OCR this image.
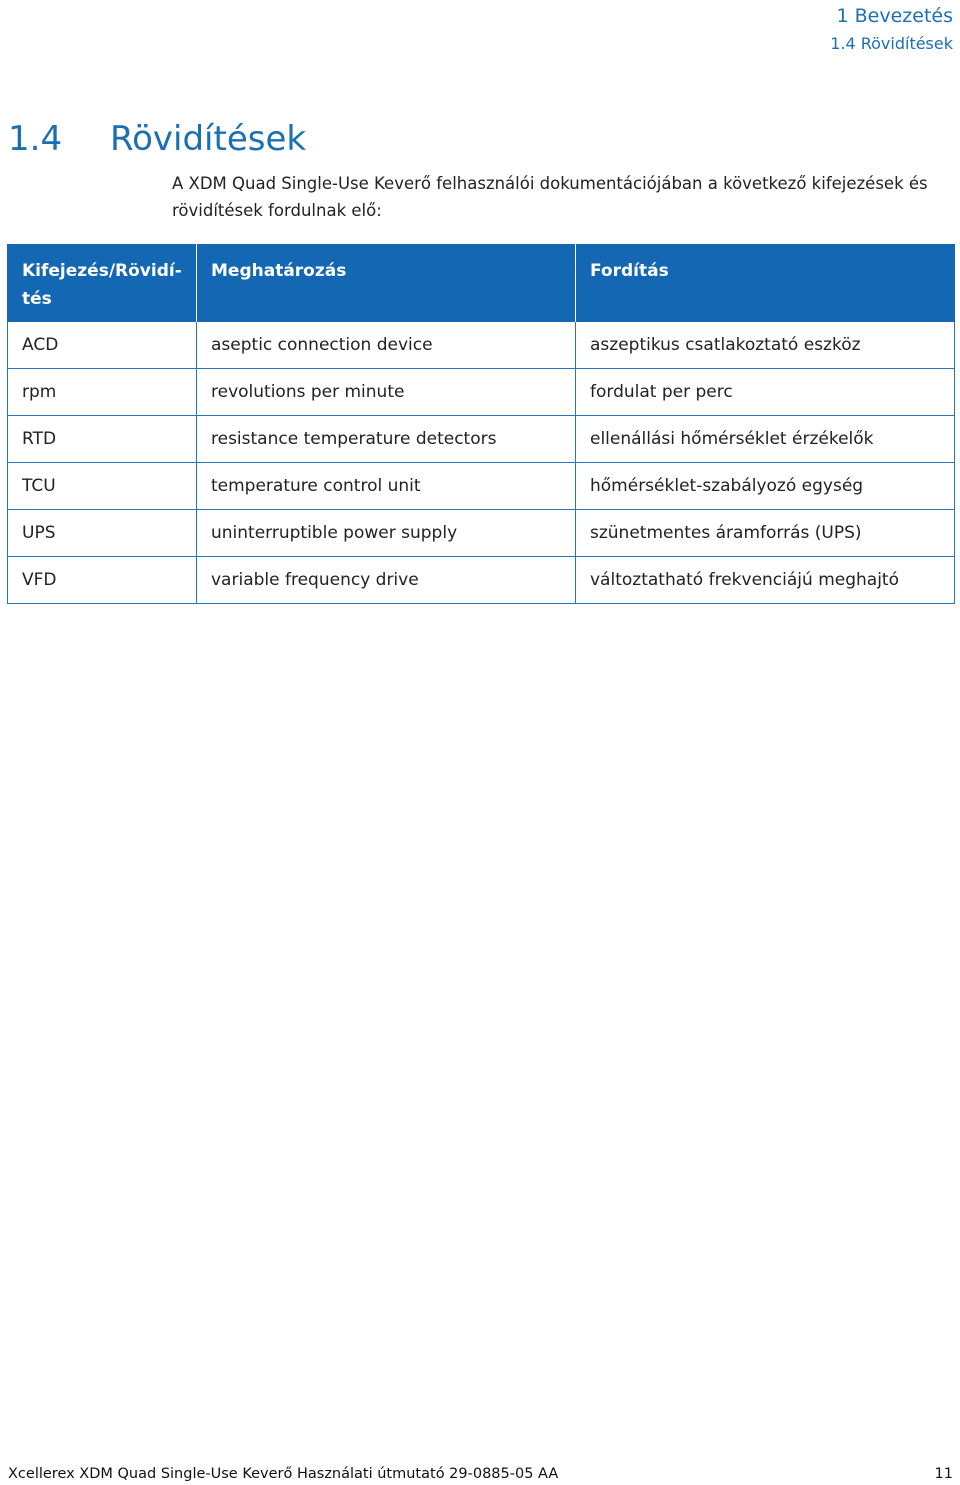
1 Bevezetés
1.4 Rövidítések
1.4 Rövidítések
A XDM Quad Single-Use Keverő felhasználói dokumentációjában a következő kifejezések és rövidítések fordulnak elő:
Kifejezés/Rövidí-tés	Meghatározás	Fordítás
ACD	aseptic connection device	aszeptikus csatlakoztató eszköz
rpm	revolutions per minute	fordulat per perc
RTD	resistance temperature detectors	ellenállási hőmérséklet érzékelők
TCU	temperature control unit	hőmérséklet-szabályozó egység
UPS	uninterruptible power supply	szünetmentes áramforrás (UPS)
VFD	variable frequency drive	változtatható frekvenciájú meghajtó
Xcellerex XDM Quad Single-Use Keverő Használati útmutató 29-0885-05 AA	11
